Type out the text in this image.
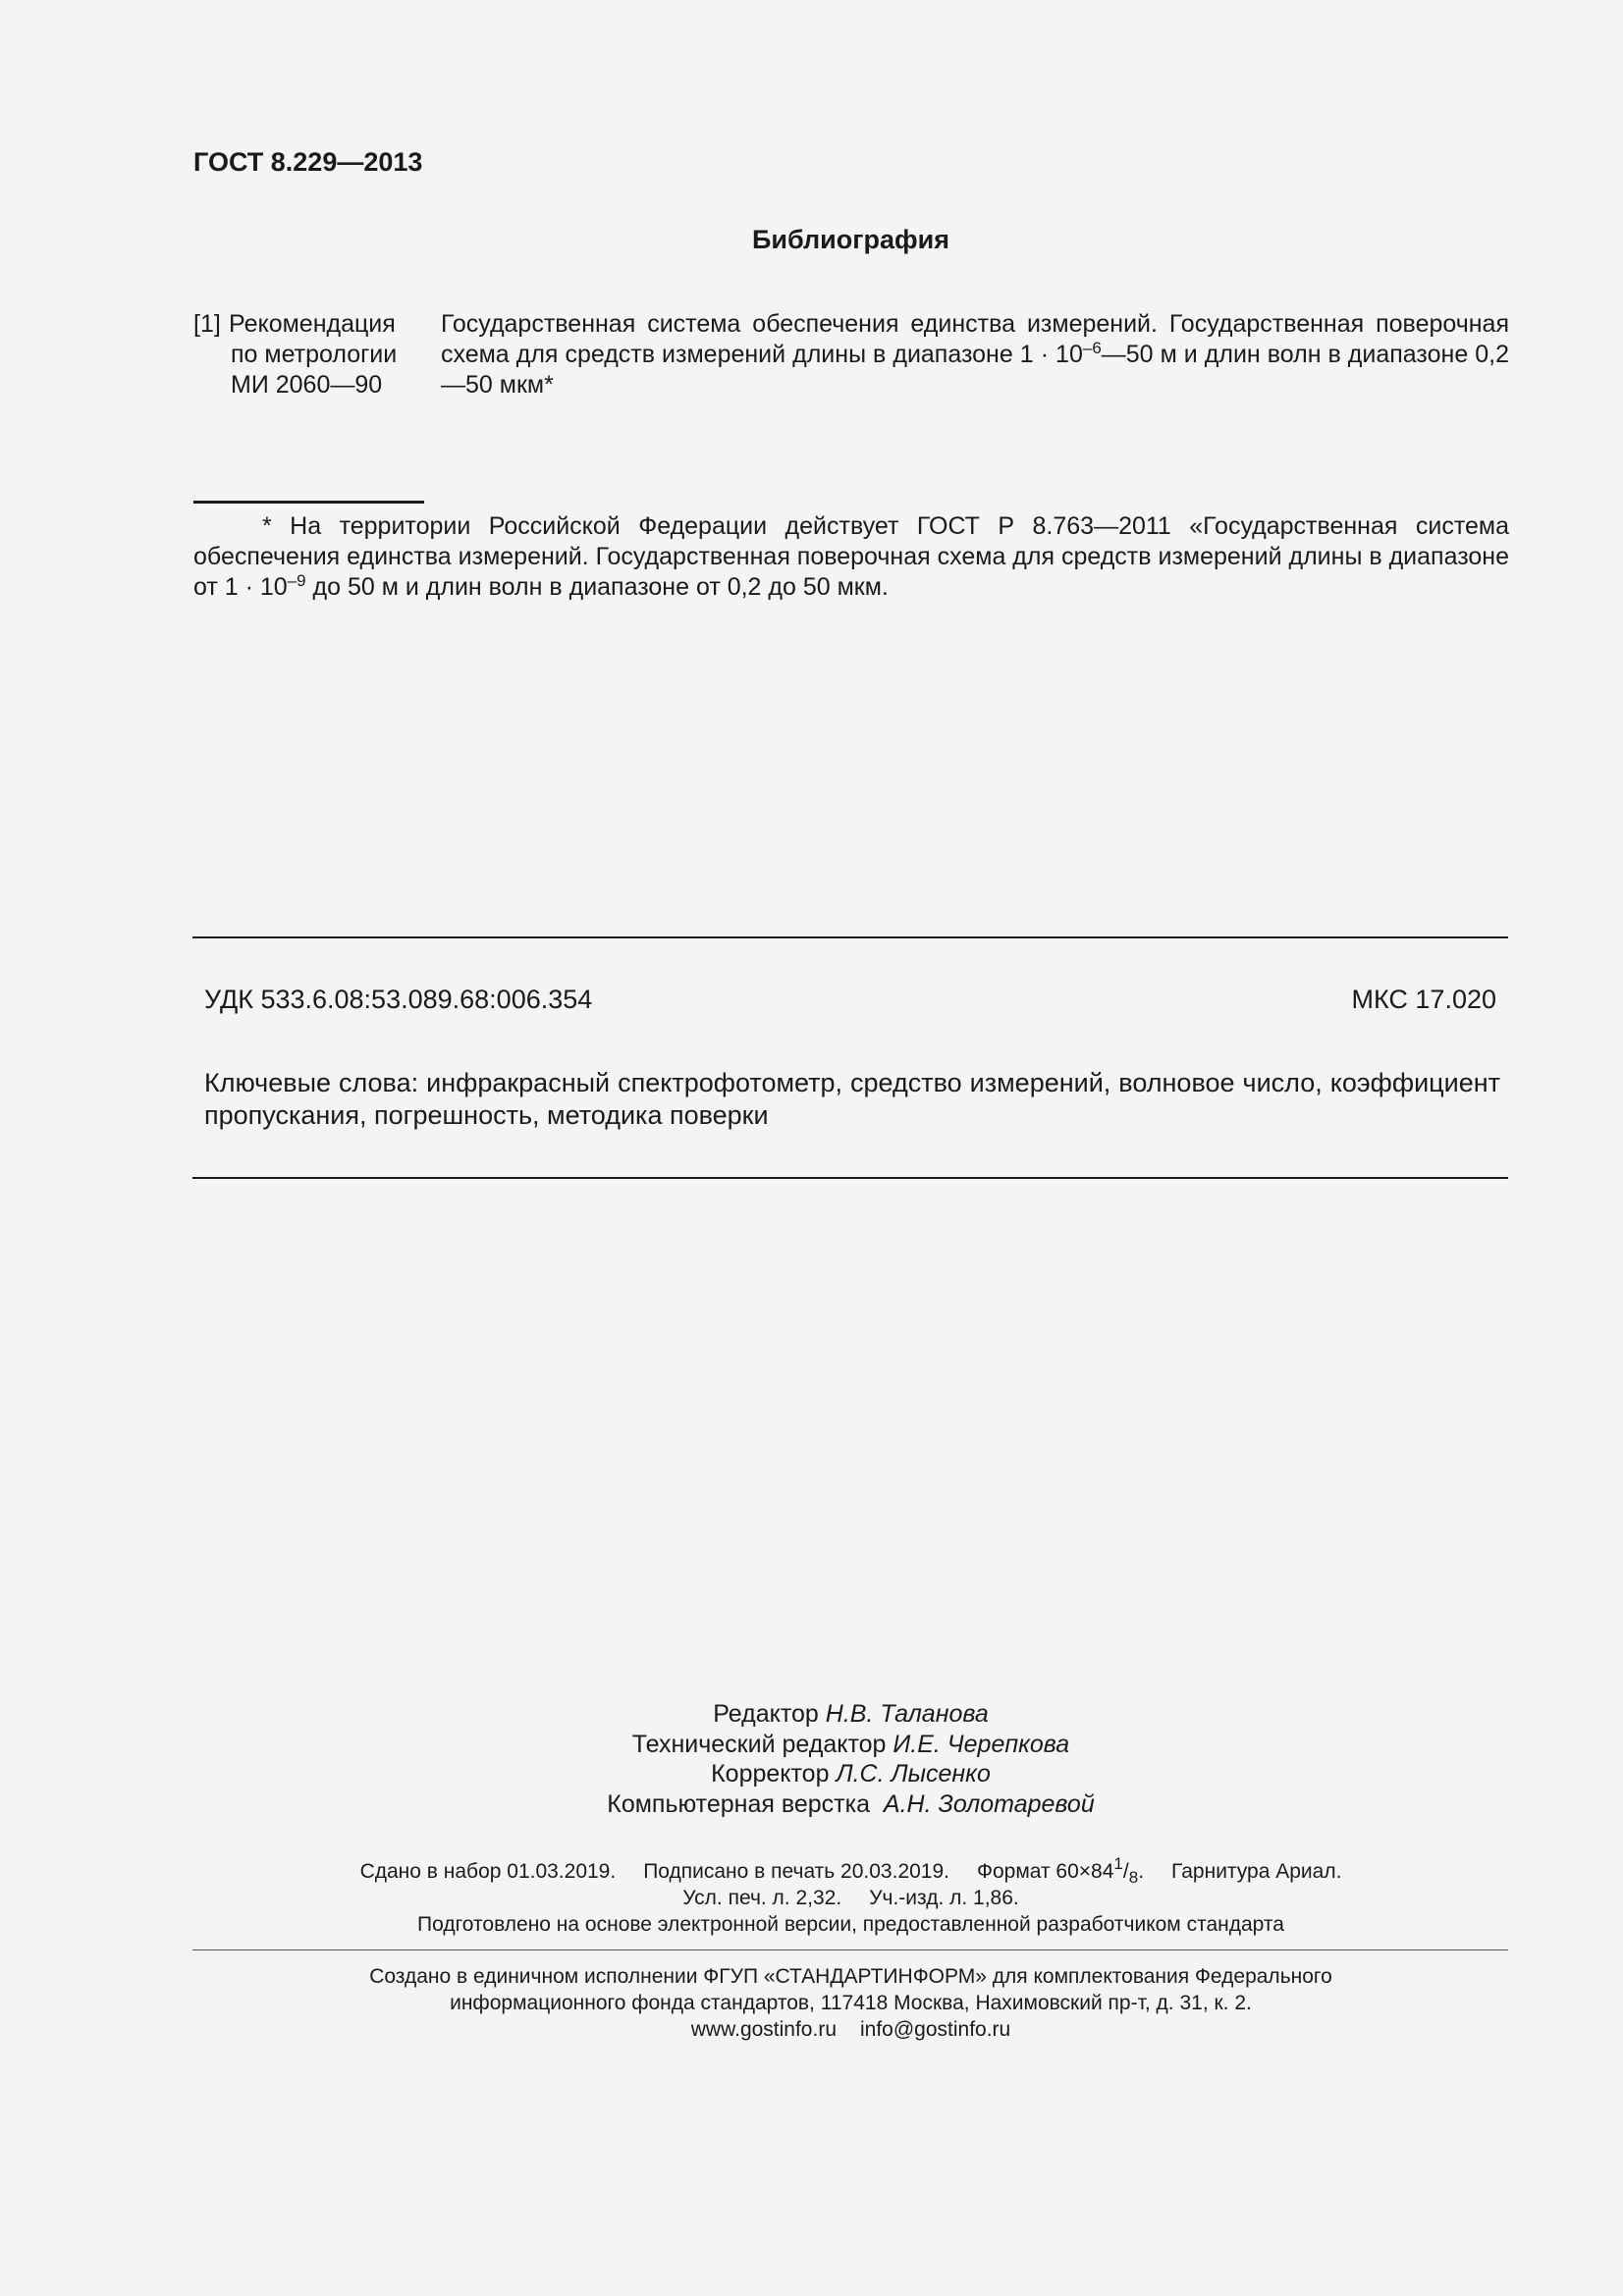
ГОСТ 8.229—2013
Библиография
[1] Рекомендация
по метрологии
МИ 2060—90
Государственная система обеспечения единства измерений. Государственная поверочная схема для средств измерений длины в диапазоне $1 \cdot 10^{-6}—50$ м и длин волн в диапазоне 0,2—50 мкм*
* На территории Российской Федерации действует ГОСТ Р 8.763—2011 «Государственная система обеспечения единства измерений. Государственная поверочная схема для средств измерений длины в диапазоне от $1 \cdot 10^{-9}$ до 50 м и длин волн в диапазоне от 0,2 до 50 мкм.
УДК 533.6.08:53.089.68:006.354	МКС 17.020
Ключевые слова: инфракрасный спектрофотометр, средство измерений, волновое число, коэффициент пропускания, погрешность, методика поверки
Редактор Н.В. Таланова
Технический редактор И.Е. Черепкова
Корректор Л.С. Лысенко
Компьютерная верстка А.Н. Золотаревой
Сдано в набор 01.03.2019. Подписано в печать 20.03.2019. Формат $60\times 84^1/_8$. Гарнитура Ариал.
Усл. печ. л. 2,32. Уч.-изд. л. 1,86.
Подготовлено на основе электронной версии, предоставленной разработчиком стандарта
Создано в единичном исполнении ФГУП «СТАНДАРТИНФОРМ» для комплектования Федерального
информационного фонда стандартов, 117418 Москва, Нахимовский пр-т, д. 31, к. 2.
www.gostinfo.ru info@gostinfo.ru
